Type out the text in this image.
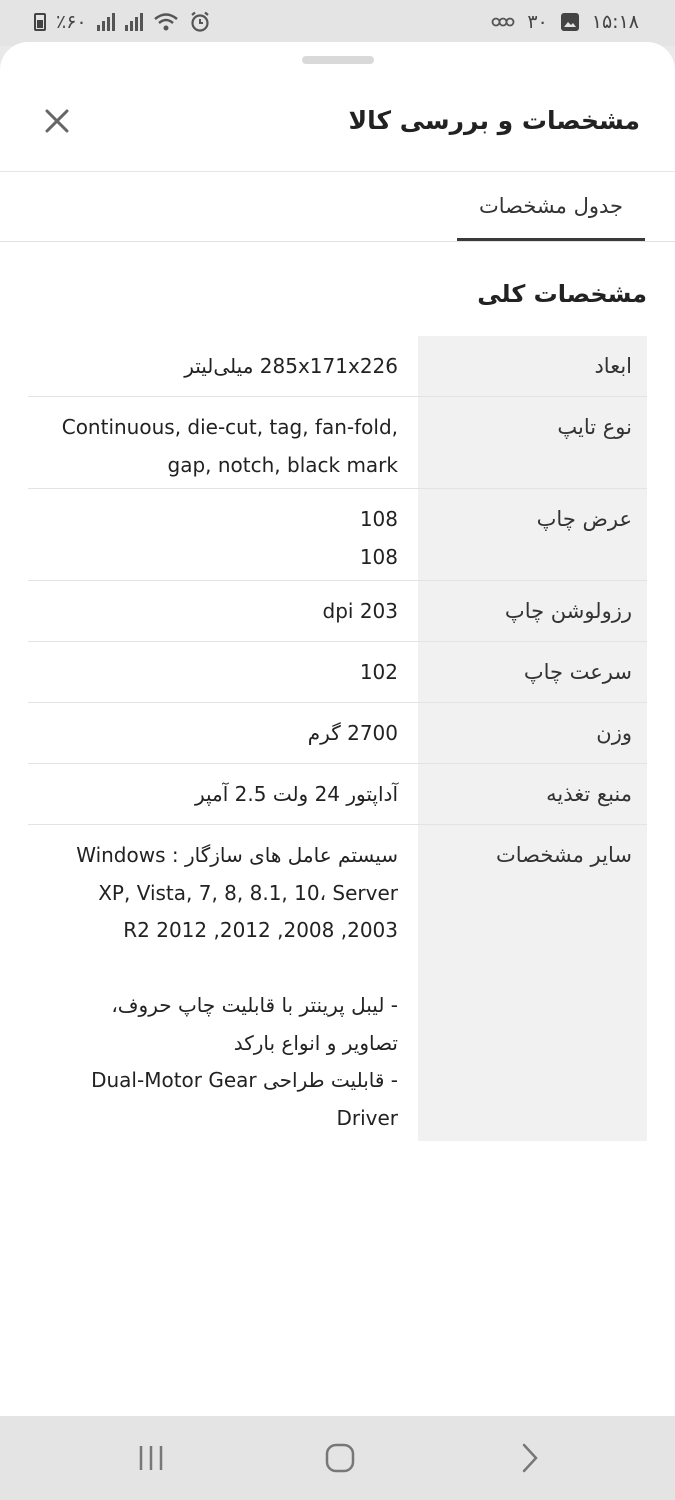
٪۶۰	۳۰ ۱۵:۱۸
مشخصات و بررسی کالا
جدول مشخصات
مشخصات کلی
ابعاد
285x171x226 میلی‌لیتر
نوع تایپ
Continuous, die-cut, tag, fan-fold,
gap, notch, black mark
عرض چاپ
108
108
رزولوشن چاپ
203 dpi
سرعت چاپ
102
وزن
2700 گرم
منبع تغذیه
آداپتور 24 ولت 2.5 آمپر
سایر مشخصات
سیستم عامل های سازگار : Windows
XP, Vista, 7, 8, 8.1, 10، Server
2003, 2008, 2012, 2012 R2

- لیبل پرینتر با قابلیت چاپ حروف،
تصاویر و انواع بارکد
- قابلیت طراحی Dual-Motor Gear
Driver
